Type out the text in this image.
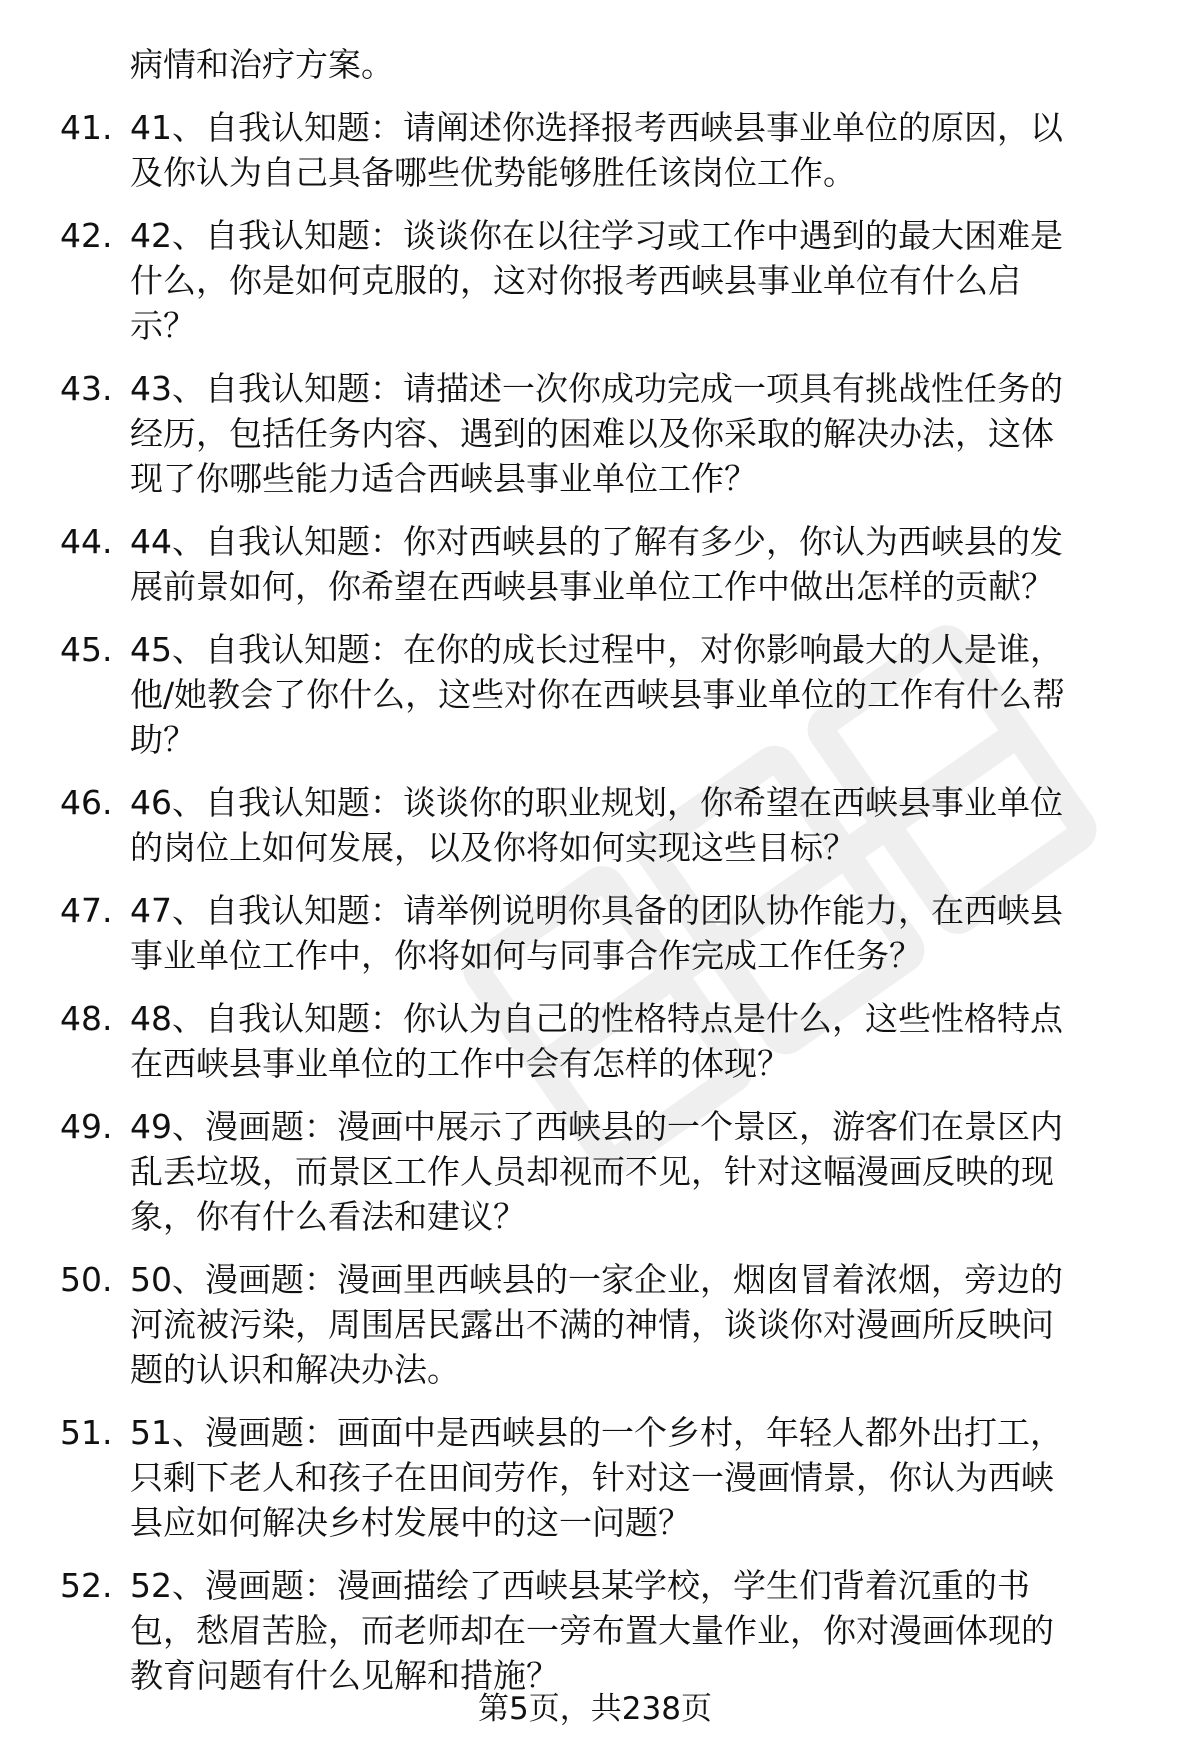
病情和治疗方案。
41. 41、自我认知题：请阐述你选择报考西峡县事业单位的原因，以
及你认为自己具备哪些优势能够胜任该岗位工作。
42. 42、自我认知题：谈谈你在以往学习或工作中遇到的最大困难是
什么，你是如何克服的，这对你报考西峡县事业单位有什么启
示？
43. 43、自我认知题：请描述一次你成功完成一项具有挑战性任务的
经历，包括任务内容、遇到的困难以及你采取的解决办法，这体
现了你哪些能力适合西峡县事业单位工作？
44. 44、自我认知题：你对西峡县的了解有多少，你认为西峡县的发
展前景如何，你希望在西峡县事业单位工作中做出怎样的贡献？
45. 45、自我认知题：在你的成长过程中，对你影响最大的人是谁，
他/她教会了你什么，这些对你在西峡县事业单位的工作有什么帮
助？
46. 46、自我认知题：谈谈你的职业规划，你希望在西峡县事业单位
的岗位上如何发展，以及你将如何实现这些目标？
47. 47、自我认知题：请举例说明你具备的团队协作能力，在西峡县
事业单位工作中，你将如何与同事合作完成工作任务？
48. 48、自我认知题：你认为自己的性格特点是什么，这些性格特点
在西峡县事业单位的工作中会有怎样的体现？
49. 49、漫画题：漫画中展示了西峡县的一个景区，游客们在景区内
乱丢垃圾，而景区工作人员却视而不见，针对这幅漫画反映的现
象，你有什么看法和建议？
50. 50、漫画题：漫画里西峡县的一家企业，烟囱冒着浓烟，旁边的
河流被污染，周围居民露出不满的神情，谈谈你对漫画所反映问
题的认识和解决办法。
51. 51、漫画题：画面中是西峡县的一个乡村，年轻人都外出打工，
只剩下老人和孩子在田间劳作，针对这一漫画情景，你认为西峡
县应如何解决乡村发展中的这一问题？
52. 52、漫画题：漫画描绘了西峡县某学校，学生们背着沉重的书
包，愁眉苦脸，而老师却在一旁布置大量作业，你对漫画体现的
教育问题有什么见解和措施？
第5页，共238页
